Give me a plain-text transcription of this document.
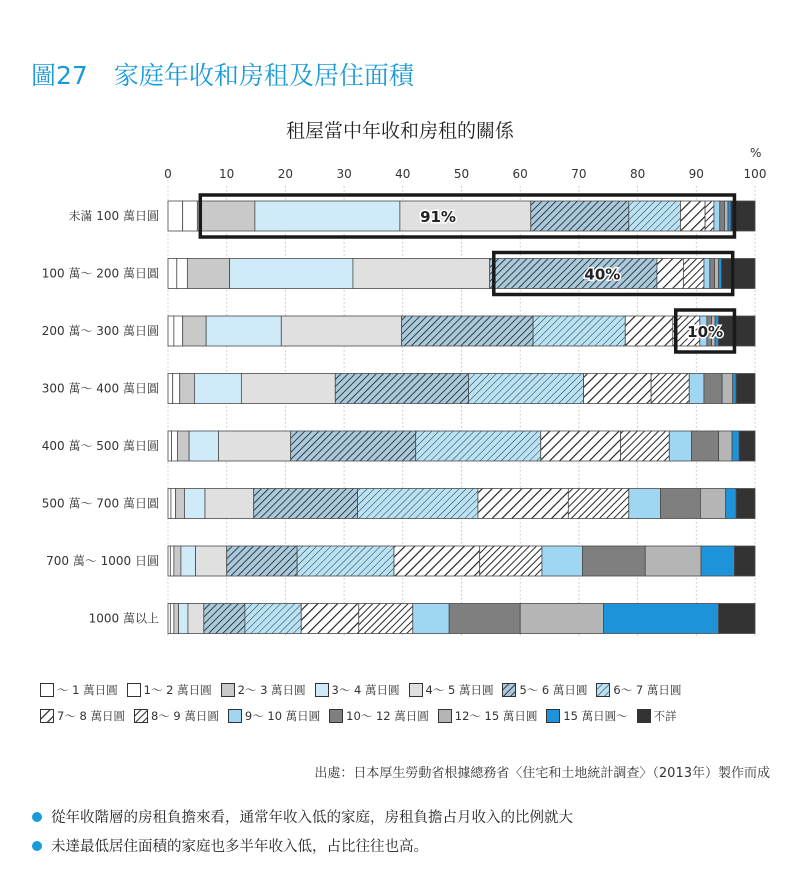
圖27 家庭年收和房租及居住面積
租屋當中年收和房租的關係
%
0	10	20	30	40	50	60	70	80	90	100
未滿 100 萬日圓
100 萬～ 200 萬日圓
200 萬～ 300 萬日圓
300 萬～ 400 萬日圓
400 萬～ 500 萬日圓
500 萬～ 700 萬日圓
700 萬～ 1000 日圓
1000 萬以上
91%
40%
10%
～ 1 萬日圓 1～ 2 萬日圓 2～ 3 萬日圓 3～ 4 萬日圓 4～ 5 萬日圓 5～ 6 萬日圓 6～ 7 萬日圓
7～ 8 萬日圓 8～ 9 萬日圓 9～ 10 萬日圓 10～ 12 萬日圓 12～ 15 萬日圓 15 萬日圓～ 不詳
出處：日本厚生勞動省根據總務省〈住宅和土地統計調查〉（2013年）製作而成
從年收階層的房租負擔來看，通常年收入低的家庭，房租負擔占月收入的比例就大
未達最低居住面積的家庭也多半年收入低，占比往往也高。
